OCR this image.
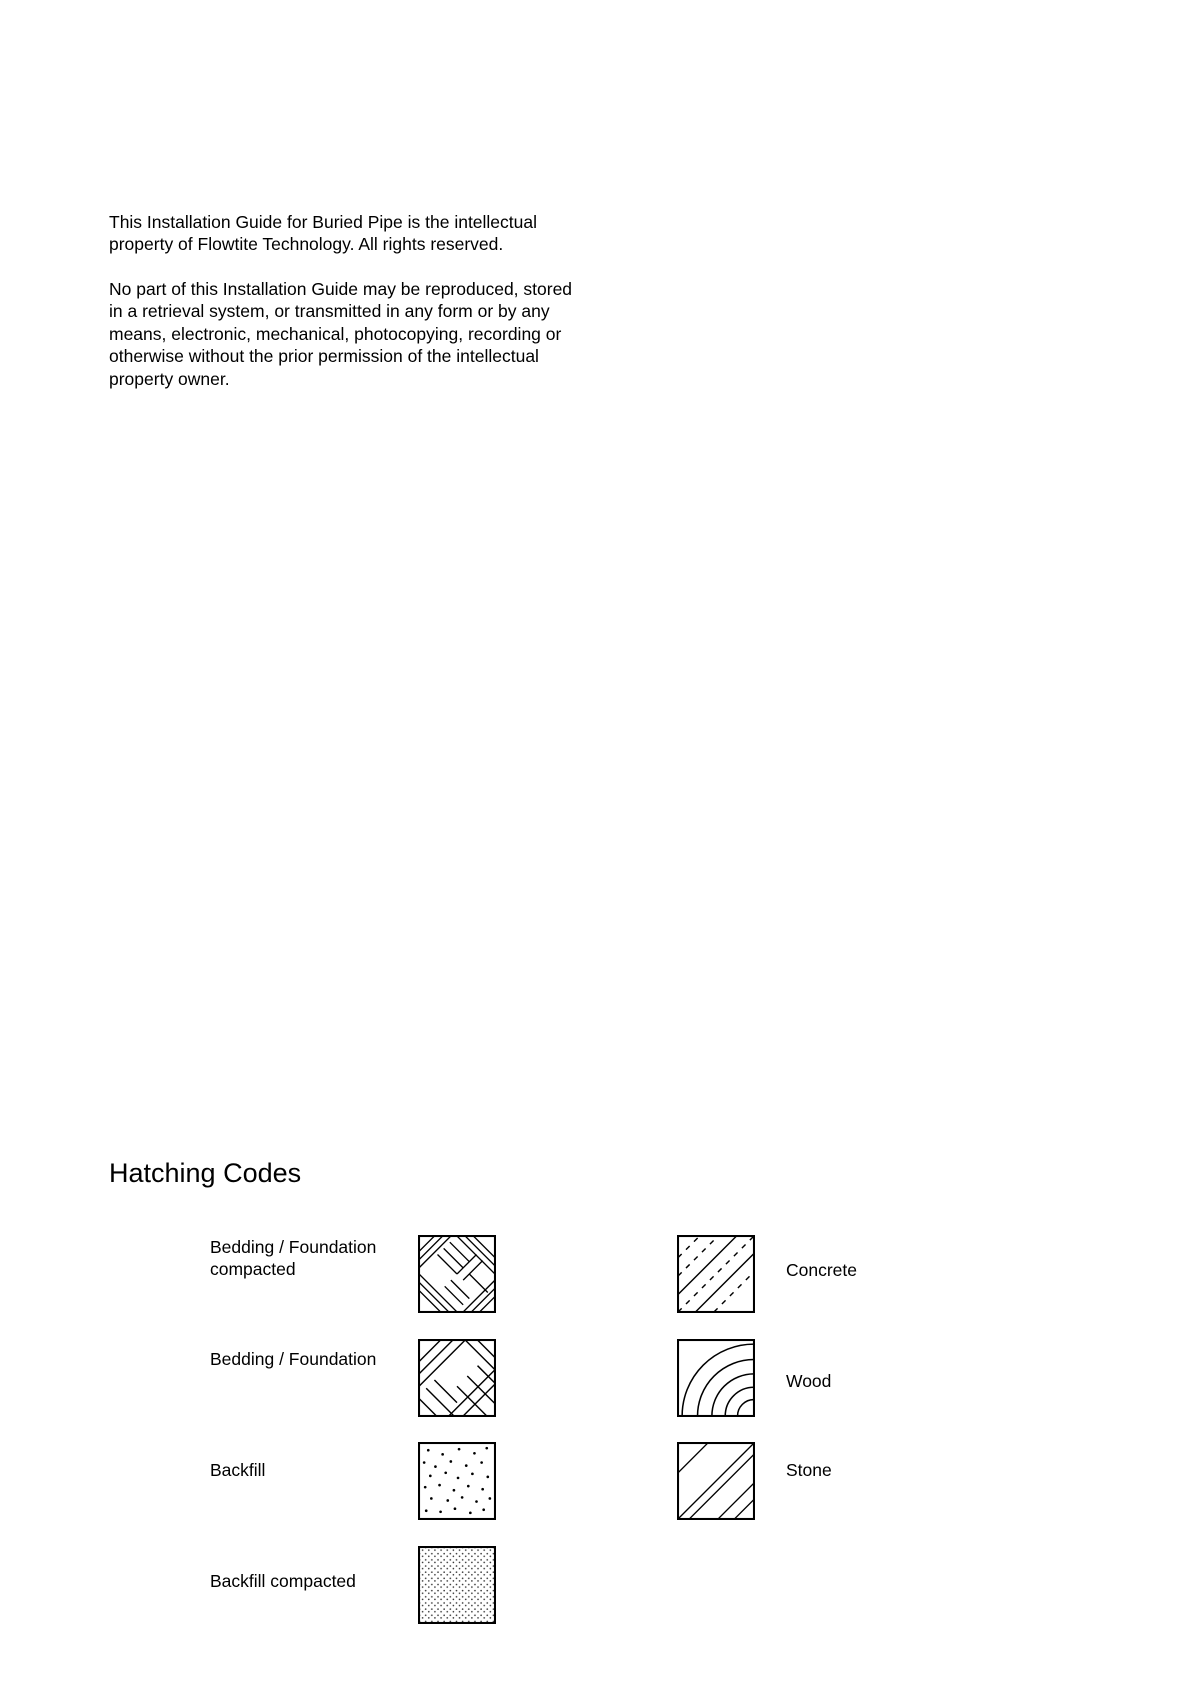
This Installation Guide for Buried Pipe is the intellectual property of Flowtite Technology. All rights reserved.

No part of this Installation Guide may be reproduced, stored in a retrieval system, or transmitted in any form or by any means, electronic, mechanical, photocopying, recording or otherwise without the prior permission of the intellectual property owner.

Hatching Codes

Bedding / Foundation compacted

Bedding / Foundation

Backfill

Backfill compacted

Concrete

Wood

Stone
